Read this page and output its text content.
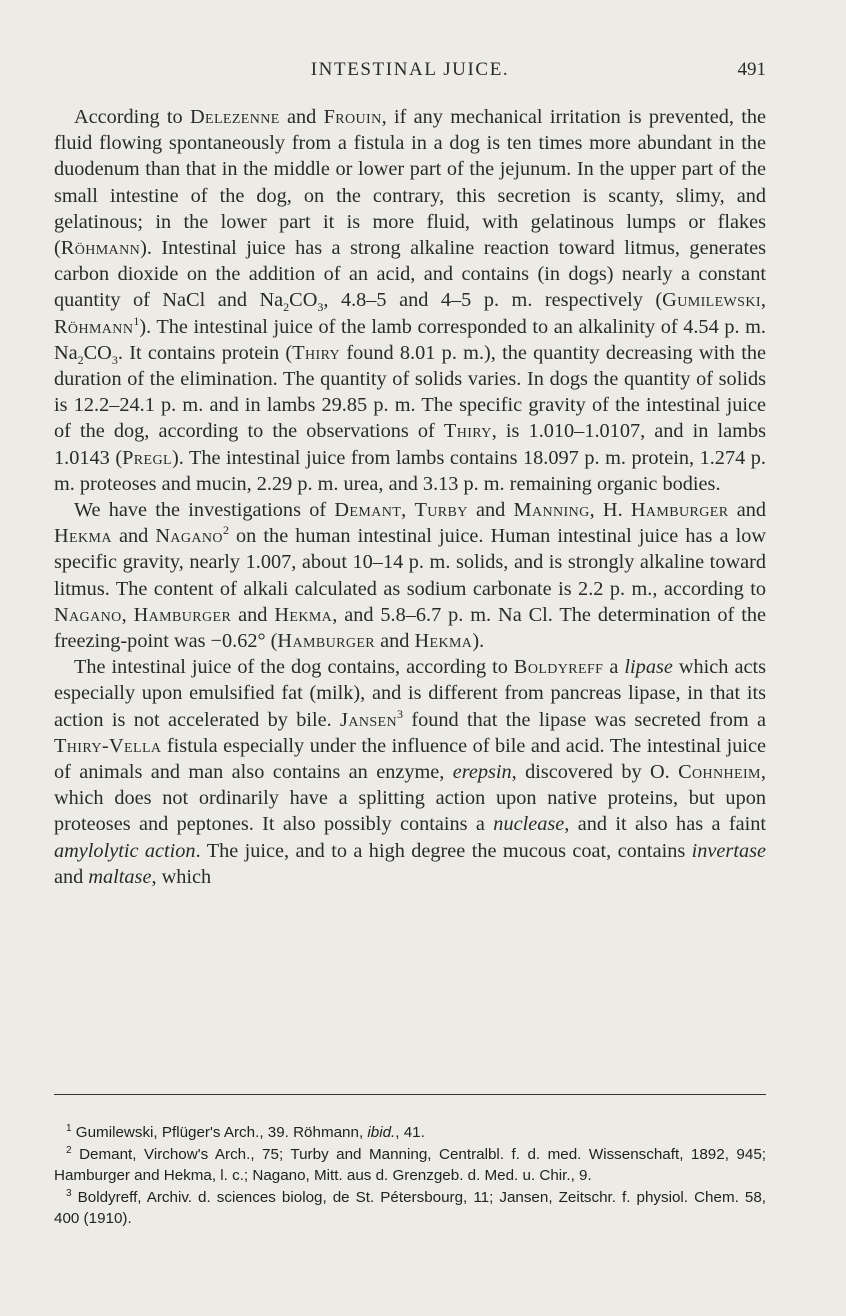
INTESTINAL JUICE.	491

According to Delezenne and Frouin, if any mechanical irritation is prevented, the fluid flowing spontaneously from a fistula in a dog is ten times more abundant in the duodenum than that in the middle or lower part of the jejunum. In the upper part of the small intestine of the dog, on the contrary, this secretion is scanty, slimy, and gelatinous; in the lower part it is more fluid, with gelatinous lumps or flakes (Röhmann). Intestinal juice has a strong alkaline reaction toward litmus, generates carbon dioxide on the addition of an acid, and contains (in dogs) nearly a constant quantity of NaCl and $Na_2CO_3$, 4.8–5 and 4–5 p. m. respectively (Gumilewski, Röhmann$^1$). The intestinal juice of the lamb corresponded to an alkalinity of 4.54 p. m. $Na_2CO_3$. It contains protein (Thiry found 8.01 p. m.), the quantity decreasing with the duration of the elimination. The quantity of solids varies. In dogs the quantity of solids is 12.2–24.1 p. m. and in lambs 29.85 p. m. The specific gravity of the intestinal juice of the dog, according to the observations of Thiry, is 1.010–1.0107, and in lambs 1.0143 (Pregl). The intestinal juice from lambs contains 18.097 p. m. protein, 1.274 p. m. proteoses and mucin, 2.29 p. m. urea, and 3.13 p. m. remaining organic bodies.

We have the investigations of Demant, Turby and Manning, H. Hamburger and Hekma and Nagano$^2$ on the human intestinal juice. Human intestinal juice has a low specific gravity, nearly 1.007, about 10–14 p. m. solids, and is strongly alkaline toward litmus. The content of alkali calculated as sodium carbonate is 2.2 p. m., according to Nagano, Hamburger and Hekma, and 5.8–6.7 p. m. Na Cl. The determination of the freezing-point was −0.62° (Hamburger and Hekma).

The intestinal juice of the dog contains, according to Boldyreff a lipase which acts especially upon emulsified fat (milk), and is different from pancreas lipase, in that its action is not accelerated by bile. Jansen$^3$ found that the lipase was secreted from a Thiry-Vella fistula especially under the influence of bile and acid. The intestinal juice of animals and man also contains an enzyme, erepsin, discovered by O. Cohnheim, which does not ordinarily have a splitting action upon native proteins, but upon proteoses and peptones. It also possibly contains a nuclease, and it also has a faint amylolytic action. The juice, and to a high degree the mucous coat, contains invertase and maltase, which

$^1$ Gumilewski, Pflüger's Arch., 39. Röhmann, ibid., 41.

$^2$ Demant, Virchow's Arch., 75; Turby and Manning, Centralbl. f. d. med. Wissenschaft, 1892, 945; Hamburger and Hekma, l. c.; Nagano, Mitt. aus d. Grenzgeb. d. Med. u. Chir., 9.

$^3$ Boldyreff, Archiv. d. sciences biolog, de St. Pétersbourg, 11; Jansen, Zeitschr. f. physiol. Chem. 58, 400 (1910).
